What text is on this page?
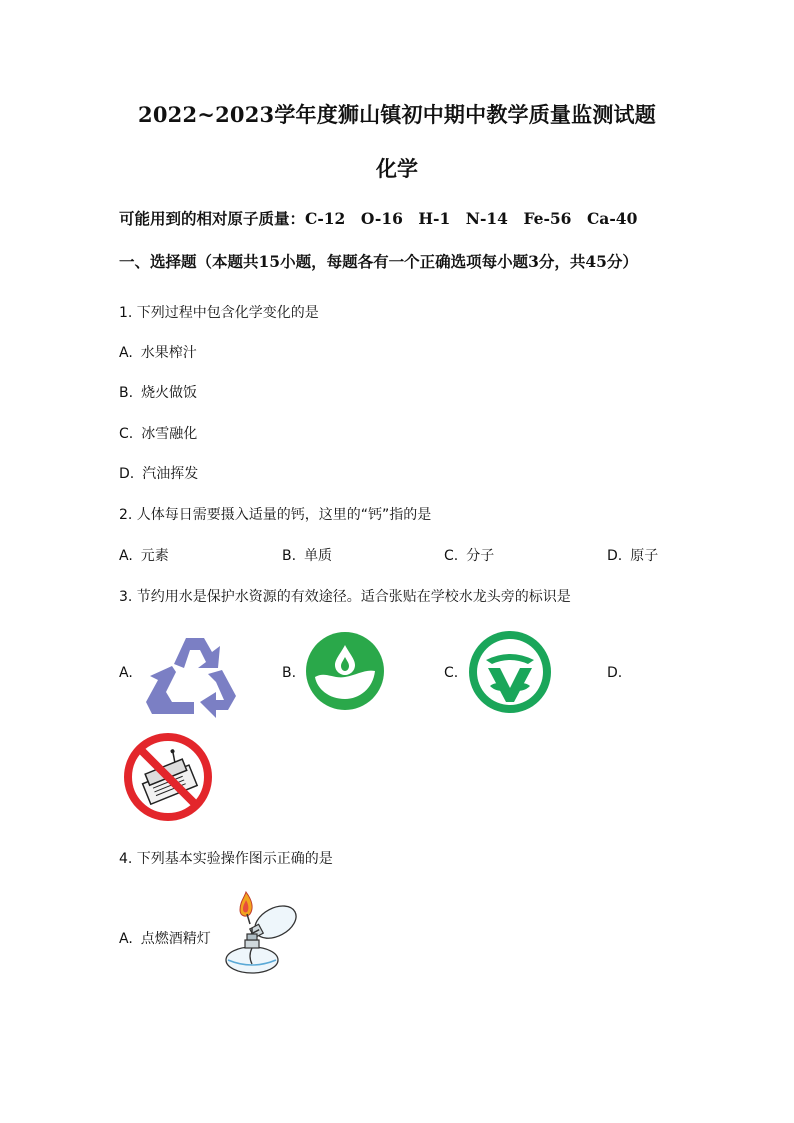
2022~2023学年度狮山镇初中期中教学质量监测试题
化学
可能用到的相对原子质量：C-12　O-16　H-1　N-14　Fe-56　Ca-40
一、选择题（本题共15小题，每题各有一个正确选项每小题3分，共45分）
1. 下列过程中包含化学变化的是
A. 水果榨汁
B. 烧火做饭
C. 冰雪融化
D. 汽油挥发
2. 人体每日需要摄入适量的钙，这里的“钙”指的是
A. 元素	B. 单质	C. 分子	D. 原子
3. 节约用水是保护水资源的有效途径。适合张贴在学校水龙头旁的标识是
A.	B.	C.	D.
4. 下列基本实验操作图示正确的是
A. 点燃酒精灯
